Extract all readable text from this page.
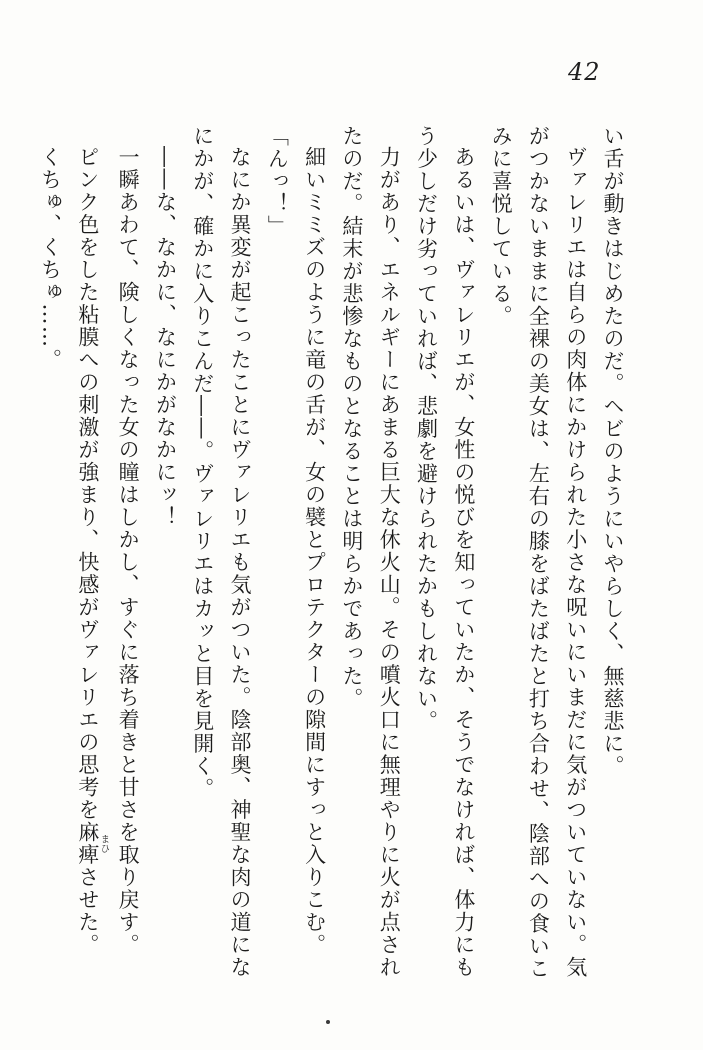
42

い舌が動きはじめたのだ。ヘビのようにいやらしく、無慈悲に。

ヴァレリエは自らの肉体にかけられた小さな呪いにいまだに気がついていない。気がつかないままに全裸の美女は、左右の膝をばたばたと打ち合わせ、陰部への食いこみに喜悦している。

あるいは、ヴァレリエが、女性の悦びを知っていたか、そうでなければ、体力にもう少しだけ劣っていれば、悲劇を避けられたかもしれない。

力があり、エネルギーにあまる巨大な休火山。その噴火口に無理やりに火が点されたのだ。結末が悲惨なものとなることは明らかであった。

細いミミズのように竜の舌が、女の襞とプロテクターの隙間にすっと入りこむ。

「んっ！」

なにか異変が起こったことにヴァレリエも気がついた。陰部奥、神聖な肉の道になにかが、確かに入りこんだ――。ヴァレリエはカッと目を見開く。

――な、なかに、なにかがなかにッ！

一瞬あわて、険しくなった女の瞳はしかし、すぐに落ち着きと甘さを取り戻す。

ピンク色をした粘膜への刺激が強まり、快感がヴァレリエの思考を麻痺まひさせた。

くちゅ、くちゅ……。
